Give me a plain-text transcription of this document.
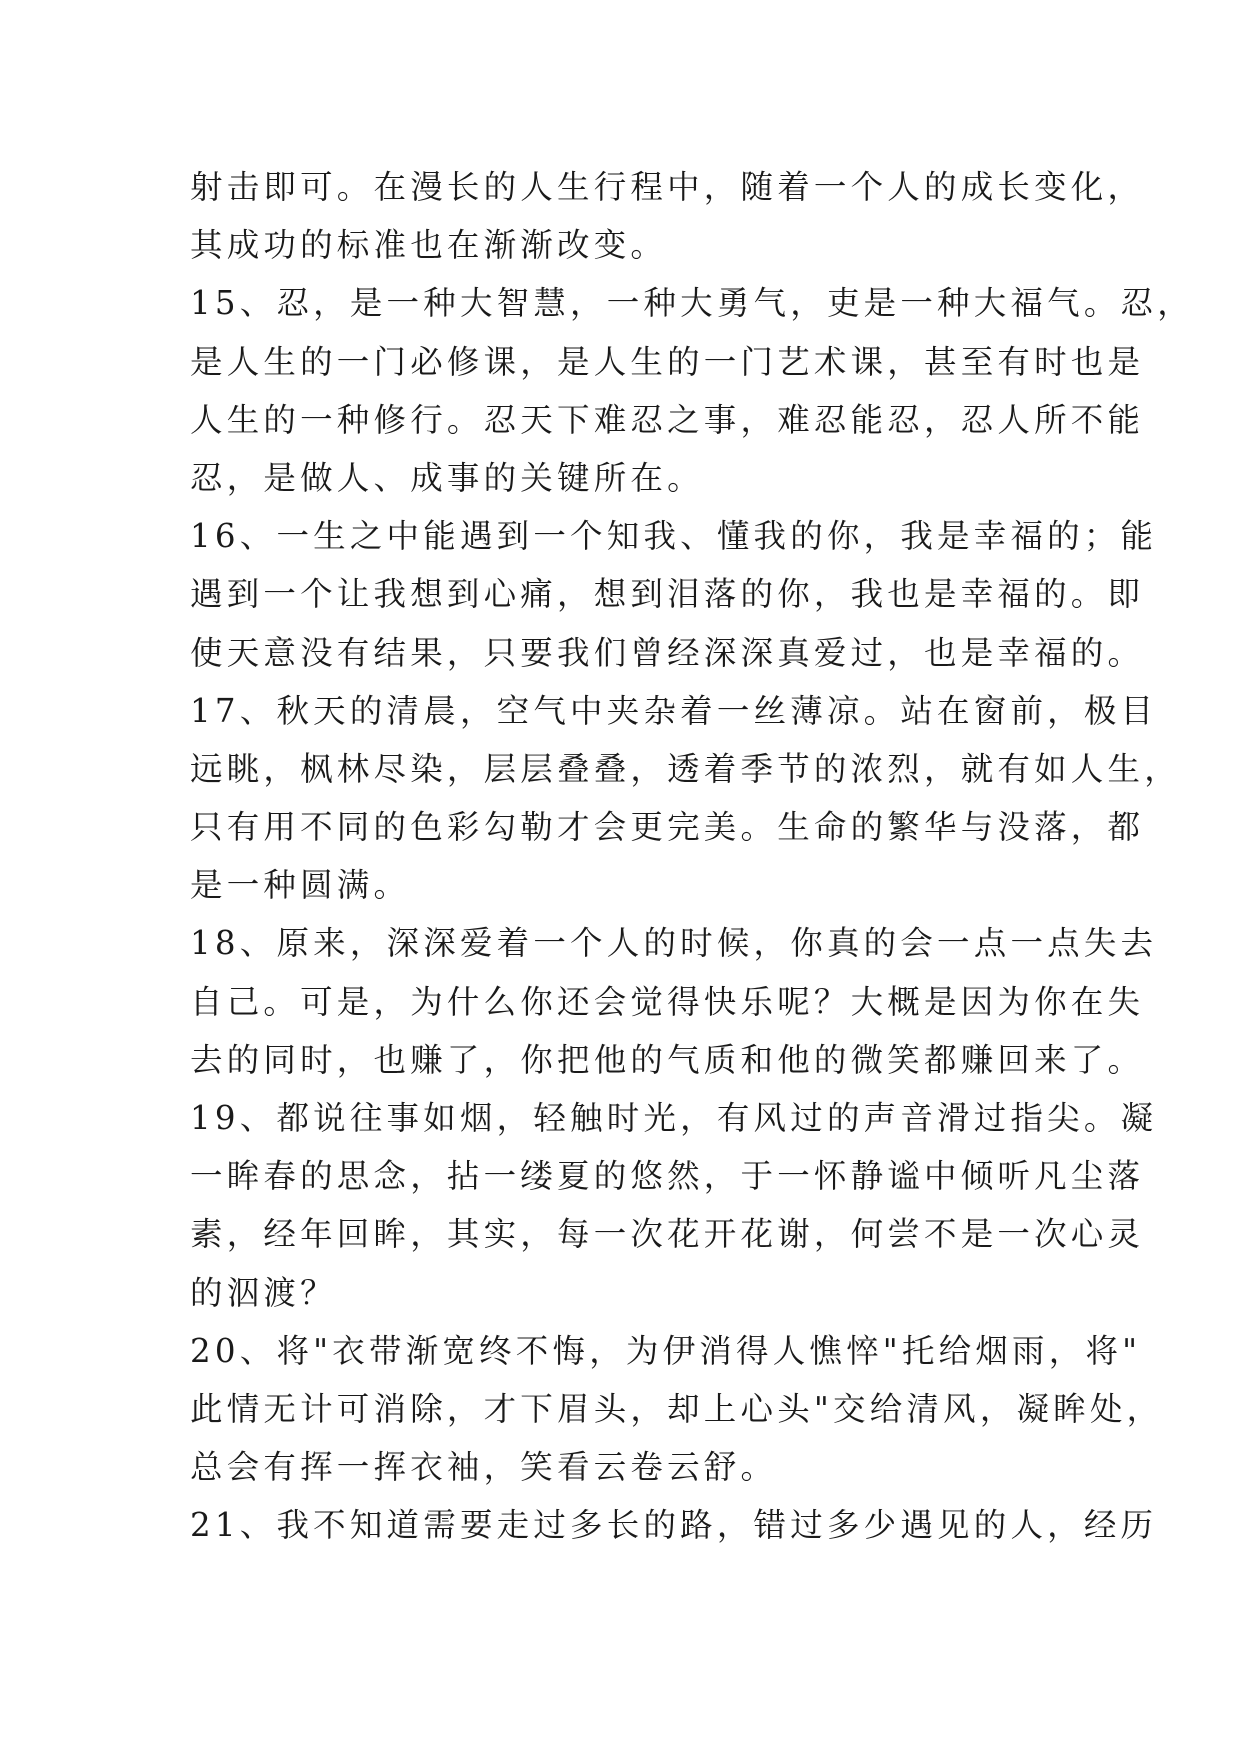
射击即可。在漫长的人生行程中，随着一个人的成长变化，
其成功的标准也在渐渐改变。
15、忍，是一种大智慧，一种大勇气，吏是一种大福气。忍，
是人生的一门必修课，是人生的一门艺术课，甚至有时也是
人生的一种修行。忍天下难忍之事，难忍能忍，忍人所不能
忍，是做人、成事的关键所在。
16、一生之中能遇到一个知我、懂我的你，我是幸福的；能
遇到一个让我想到心痛，想到泪落的你，我也是幸福的。即
使天意没有结果，只要我们曾经深深真爱过，也是幸福的。
17、秋天的清晨，空气中夹杂着一丝薄凉。站在窗前，极目
远眺，枫林尽染，层层叠叠，透着季节的浓烈，就有如人生，
只有用不同的色彩勾勒才会更完美。生命的繁华与没落，都
是一种圆满。
18、原来，深深爱着一个人的时候，你真的会一点一点失去
自己。可是，为什么你还会觉得快乐呢？大概是因为你在失
去的同时，也赚了，你把他的气质和他的微笑都赚回来了。
19、都说往事如烟，轻触时光，有风过的声音滑过指尖。凝
一眸春的思念，拈一缕夏的悠然，于一怀静谧中倾听凡尘落
素，经年回眸，其实，每一次花开花谢，何尝不是一次心灵
的泅渡？
20、将"衣带渐宽终不悔，为伊消得人憔悴"托给烟雨，将"
此情无计可消除，才下眉头，却上心头"交给清风，凝眸处，
总会有挥一挥衣袖，笑看云卷云舒。
21、我不知道需要走过多长的路，错过多少遇见的人，经历
